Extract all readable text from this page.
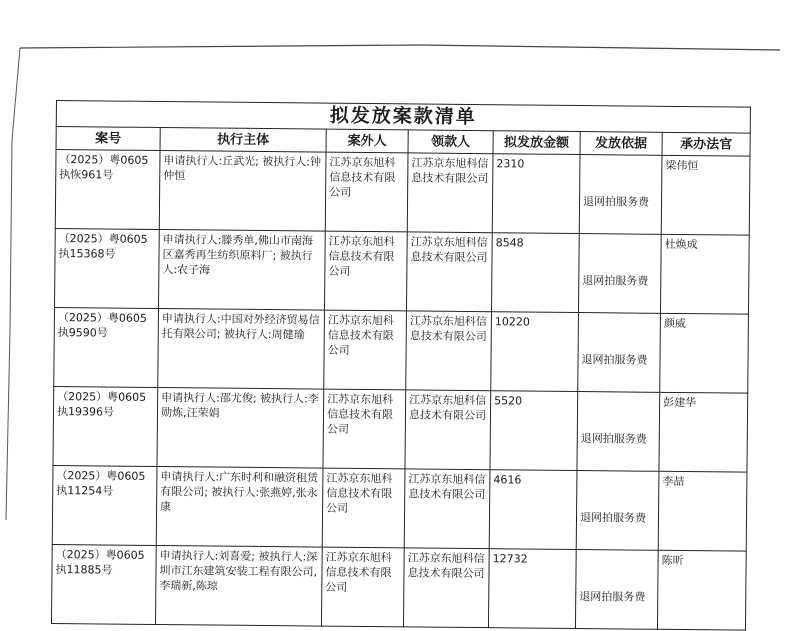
拟发放案款清单						
案号	执行主体	案外人	领款人	拟发放金额	发放依据	承办法官
（2025）粤0605执恢961号	申请执行人:丘武光; 被执行人:钟仲恒	江苏京东旭科信息技术有限公司	江苏京东旭科信息技术有限公司	2310	退网拍服务费	梁伟恒
（2025）粤0605执15368号	申请执行人:滕秀单,佛山市南海区嘉秀再生纺织原料厂; 被执行人:农子海	江苏京东旭科信息技术有限公司	江苏京东旭科信息技术有限公司	8548	退网拍服务费	杜焕成
（2025）粤0605执9590号	申请执行人:中国对外经济贸易信托有限公司; 被执行人:周健瑜	江苏京东旭科信息技术有限公司	江苏京东旭科信息技术有限公司	10220	退网拍服务费	颜威
（2025）粤0605执19396号	申请执行人:邵尤俊; 被执行人:李勋炼,汪荣娟	江苏京东旭科信息技术有限公司	江苏京东旭科信息技术有限公司	5520	退网拍服务费	彭建华
（2025）粤0605执11254号	申请执行人:广东时利和融资租赁有限公司; 被执行人:张燕婷,张永康	江苏京东旭科信息技术有限公司	江苏京东旭科信息技术有限公司	4616	退网拍服务费	李喆
（2025）粤0605执11885号	申请执行人:刘喜爱; 被执行人:深圳市江东建筑安装工程有限公司,李瑞新,陈琼	江苏京东旭科信息技术有限公司	江苏京东旭科信息技术有限公司	12732	退网拍服务费	陈昕
